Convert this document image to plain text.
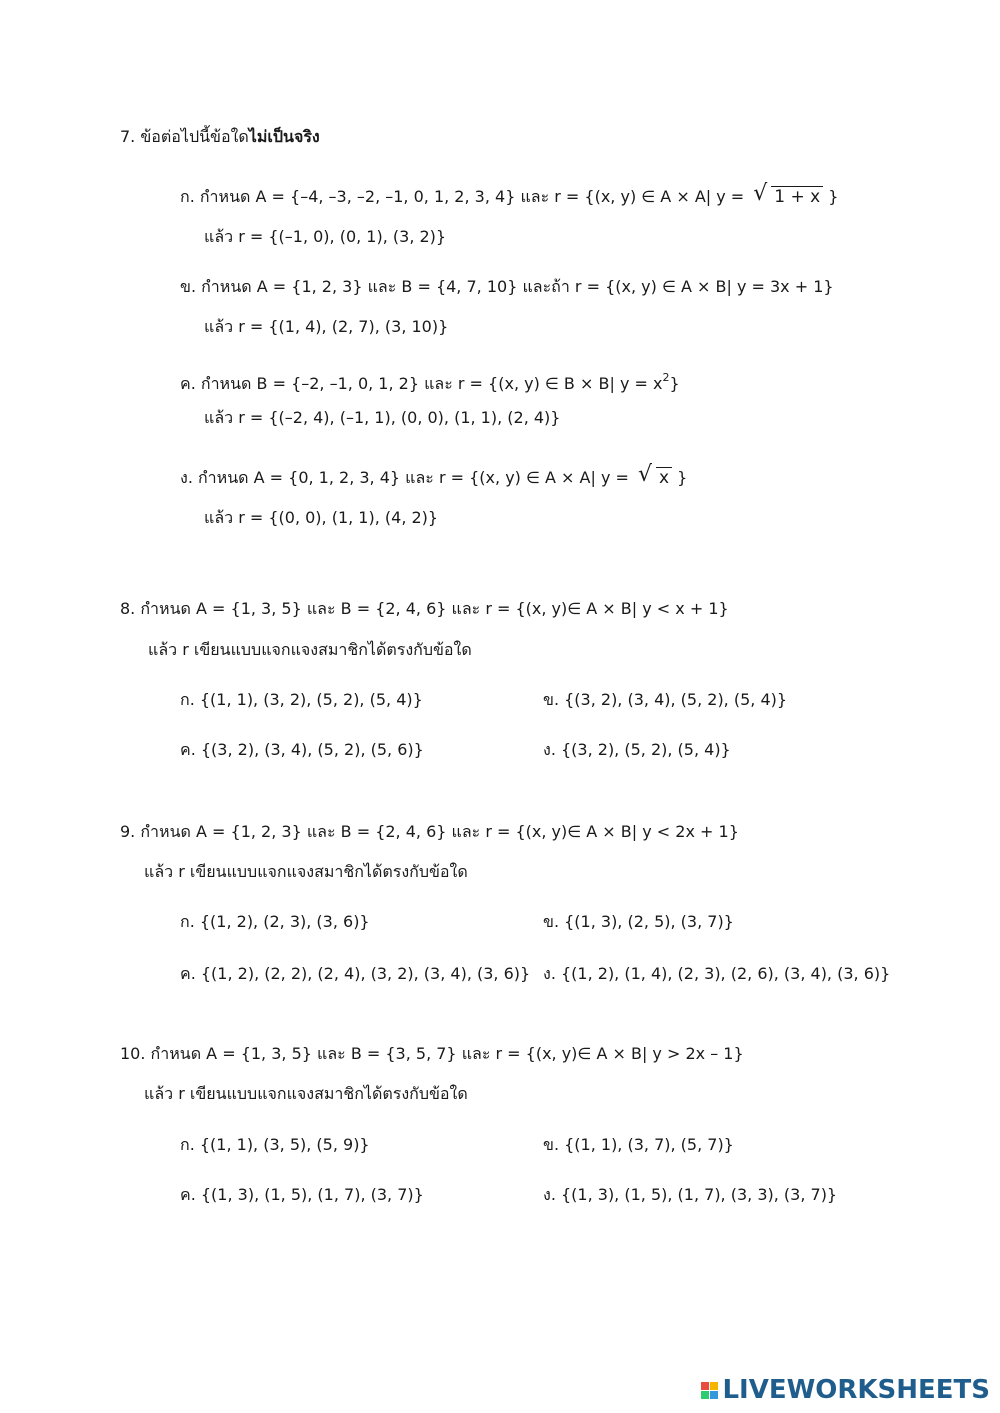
7. ข้อต่อไปนี้ข้อใดไม่เป็นจริง
ก. กำหนด A = {–4, –3, –2, –1, 0, 1, 2, 3, 4} และ r = {(x, y) ∈ A × A| y = √ 1 + x }
แล้ว r = {(–1, 0), (0, 1), (3, 2)}
ข. กำหนด A = {1, 2, 3} และ B = {4, 7, 10} และถ้า r = {(x, y) ∈ A × B| y = 3x + 1}
แล้ว r = {(1, 4), (2, 7), (3, 10)}
ค. กำหนด B = {–2, –1, 0, 1, 2} และ r = {(x, y) ∈ B × B| $y = x^2$}
แล้ว r = {(–2, 4), (–1, 1), (0, 0), (1, 1), (2, 4)}
ง. กำหนด A = {0, 1, 2, 3, 4} และ r = {(x, y) ∈ A × A| y = √ x }
แล้ว r = {(0, 0), (1, 1), (4, 2)}
8. กำหนด A = {1, 3, 5} และ B = {2, 4, 6} และ r = {(x, y)∈ A × B| y < x + 1}
แล้ว r เขียนแบบแจกแจงสมาชิกได้ตรงกับข้อใด
ก. {(1, 1), (3, 2), (5, 2), (5, 4)}	ข. {(3, 2), (3, 4), (5, 2), (5, 4)}
ค. {(3, 2), (3, 4), (5, 2), (5, 6)}	ง. {(3, 2), (5, 2), (5, 4)}
9. กำหนด A = {1, 2, 3} และ B = {2, 4, 6} และ r = {(x, y)∈ A × B| y < 2x + 1}
แล้ว r เขียนแบบแจกแจงสมาชิกได้ตรงกับข้อใด
ก. {(1, 2), (2, 3), (3, 6)}	ข. {(1, 3), (2, 5), (3, 7)}
ค. {(1, 2), (2, 2), (2, 4), (3, 2), (3, 4), (3, 6)} ง. {(1, 2), (1, 4), (2, 3), (2, 6), (3, 4), (3, 6)}
10. กำหนด A = {1, 3, 5} และ B = {3, 5, 7} และ r = {(x, y)∈ A × B| y > 2x – 1}
แล้ว r เขียนแบบแจกแจงสมาชิกได้ตรงกับข้อใด
ก. {(1, 1), (3, 5), (5, 9)}	ข. {(1, 1), (3, 7), (5, 7)}
ค. {(1, 3), (1, 5), (1, 7), (3, 7)}	ง. {(1, 3), (1, 5), (1, 7), (3, 3), (3, 7)}
LIVEWORKSHEETS
